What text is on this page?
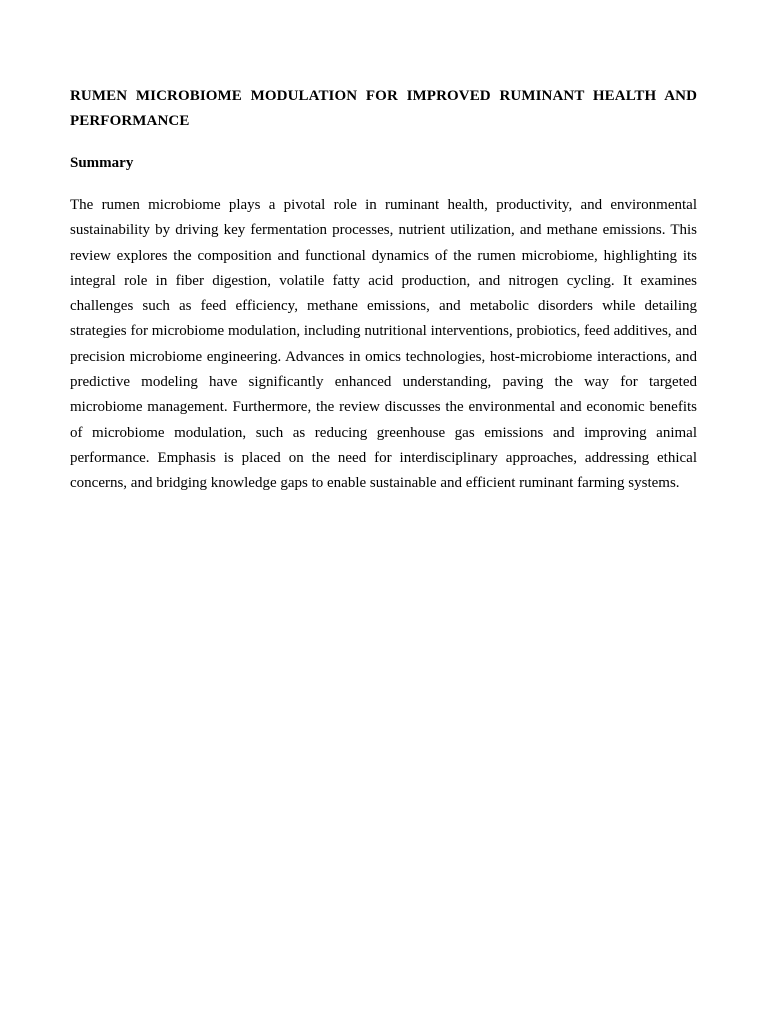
RUMEN MICROBIOME MODULATION FOR IMPROVED RUMINANT HEALTH AND PERFORMANCE
Summary

The rumen microbiome plays a pivotal role in ruminant health, productivity, and environmental sustainability by driving key fermentation processes, nutrient utilization, and methane emissions. This review explores the composition and functional dynamics of the rumen microbiome, highlighting its integral role in fiber digestion, volatile fatty acid production, and nitrogen cycling. It examines challenges such as feed efficiency, methane emissions, and metabolic disorders while detailing strategies for microbiome modulation, including nutritional interventions, probiotics, feed additives, and precision microbiome engineering. Advances in omics technologies, host-microbiome interactions, and predictive modeling have significantly enhanced understanding, paving the way for targeted microbiome management. Furthermore, the review discusses the environmental and economic benefits of microbiome modulation, such as reducing greenhouse gas emissions and improving animal performance. Emphasis is placed on the need for interdisciplinary approaches, addressing ethical concerns, and bridging knowledge gaps to enable sustainable and efficient ruminant farming systems.
